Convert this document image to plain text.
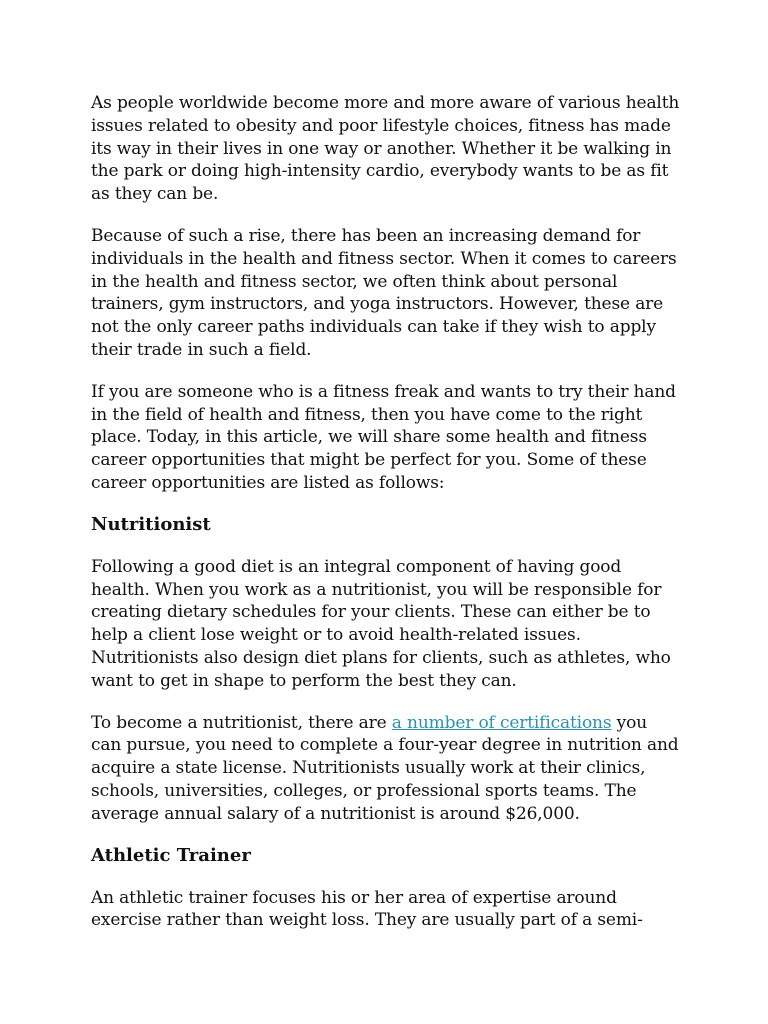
As people worldwide become more and more aware of various health issues related to obesity and poor lifestyle choices, fitness has made its way in their lives in one way or another. Whether it be walking in the park or doing high-intensity cardio, everybody wants to be as fit as they can be.

Because of such a rise, there has been an increasing demand for individuals in the health and fitness sector. When it comes to careers in the health and fitness sector, we often think about personal trainers, gym instructors, and yoga instructors. However, these are not the only career paths individuals can take if they wish to apply their trade in such a field.

If you are someone who is a fitness freak and wants to try their hand in the field of health and fitness, then you have come to the right place. Today, in this article, we will share some health and fitness career opportunities that might be perfect for you. Some of these career opportunities are listed as follows:

Nutritionist

Following a good diet is an integral component of having good health. When you work as a nutritionist, you will be responsible for creating dietary schedules for your clients. These can either be to help a client lose weight or to avoid health-related issues. Nutritionists also design diet plans for clients, such as athletes, who want to get in shape to perform the best they can.

To become a nutritionist, there are a number of certifications you can pursue, you need to complete a four-year degree in nutrition and acquire a state license. Nutritionists usually work at their clinics, schools, universities, colleges, or professional sports teams. The average annual salary of a nutritionist is around $26,000.

Athletic Trainer

An athletic trainer focuses his or her area of expertise around exercise rather than weight loss. They are usually part of a semi-
